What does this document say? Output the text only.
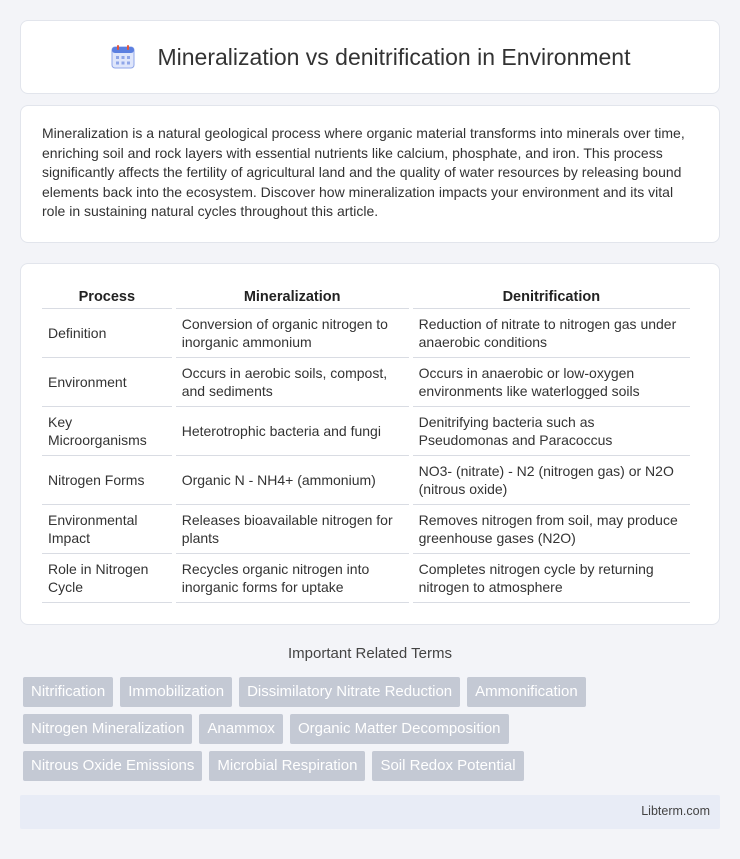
Mineralization vs denitrification in Environment

Mineralization is a natural geological process where organic material transforms into minerals over time, enriching soil and rock layers with essential nutrients like calcium, phosphate, and iron. This process significantly affects the fertility of agricultural land and the quality of water resources by releasing bound elements back into the ecosystem. Discover how mineralization impacts your environment and its vital role in sustaining natural cycles throughout this article.

Process	Mineralization	Denitrification
Definition	Conversion of organic nitrogen to inorganic ammonium	Reduction of nitrate to nitrogen gas under anaerobic conditions
Environment	Occurs in aerobic soils, compost, and sediments	Occurs in anaerobic or low-oxygen environments like waterlogged soils
Key Microorganisms	Heterotrophic bacteria and fungi	Denitrifying bacteria such as Pseudomonas and Paracoccus
Nitrogen Forms	Organic N - NH4+ (ammonium)	NO3- (nitrate) - N2 (nitrogen gas) or N2O (nitrous oxide)
Environmental Impact	Releases bioavailable nitrogen for plants	Removes nitrogen from soil, may produce greenhouse gases (N2O)
Role in Nitrogen Cycle	Recycles organic nitrogen into inorganic forms for uptake	Completes nitrogen cycle by returning nitrogen to atmosphere
Important Related Terms
Nitrification	Immobilization	Dissimilatory Nitrate Reduction	Ammonification
Nitrogen Mineralization	Anammox	Organic Matter Decomposition
Nitrous Oxide Emissions	Microbial Respiration	Soil Redox Potential
Libterm.com
